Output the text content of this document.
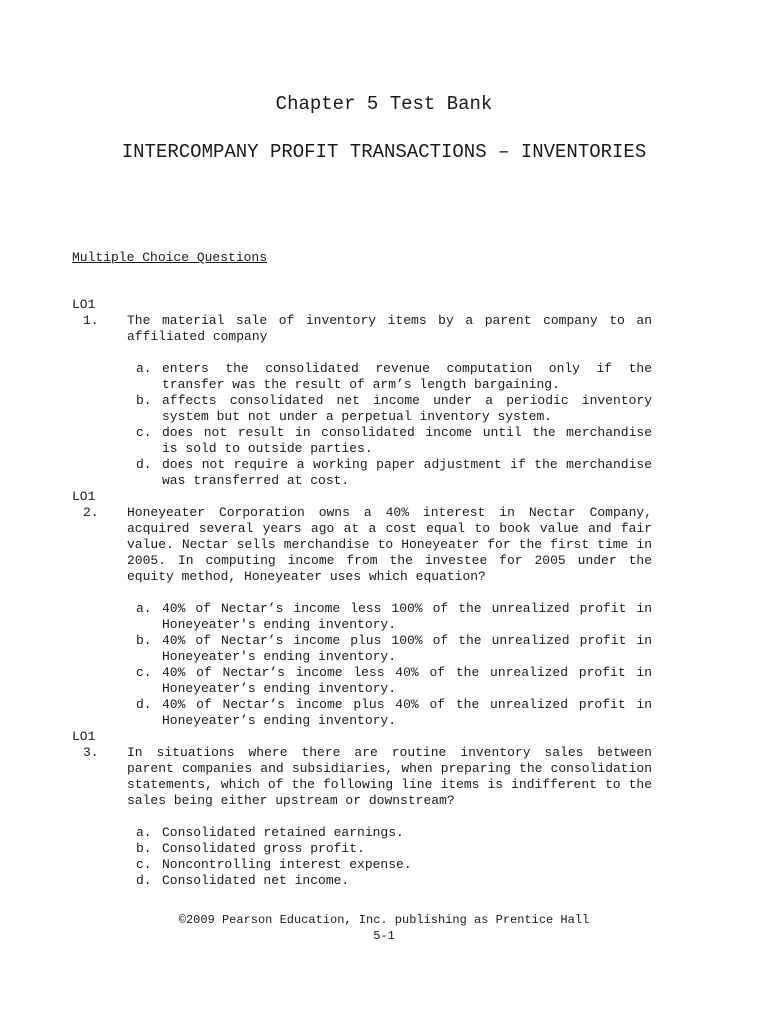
Chapter 5 Test Bank
INTERCOMPANY PROFIT TRANSACTIONS – INVENTORIES
Multiple Choice Questions
LO1
1.	The material sale of inventory items by a parent company to an affiliated company
a. enters the consolidated revenue computation only if the transfer was the result of arm’s length bargaining.
b. affects consolidated net income under a periodic inventory system but not under a perpetual inventory system.
c. does not result in consolidated income until the merchandise is sold to outside parties.
d. does not require a working paper adjustment if the merchandise was transferred at cost.
LO1
2.	Honeyeater Corporation owns a 40% interest in Nectar Company, acquired several years ago at a cost equal to book value and fair value. Nectar sells merchandise to Honeyeater for the first time in 2005. In computing income from the investee for 2005 under the equity method, Honeyeater uses which equation?
a. 40% of Nectar’s income less 100% of the unrealized profit in Honeyeater's ending inventory.
b. 40% of Nectar’s income plus 100% of the unrealized profit in Honeyeater's ending inventory.
c. 40% of Nectar’s income less 40% of the unrealized profit in Honeyeater’s ending inventory.
d. 40% of Nectar’s income plus 40% of the unrealized profit in Honeyeater’s ending inventory.
LO1
3.	In situations where there are routine inventory sales between parent companies and subsidiaries, when preparing the consolidation statements, which of the following line items is indifferent to the sales being either upstream or downstream?
a. Consolidated retained earnings.
b. Consolidated gross profit.
c. Noncontrolling interest expense.
d. Consolidated net income.
©2009 Pearson Education, Inc. publishing as Prentice Hall
5-1
